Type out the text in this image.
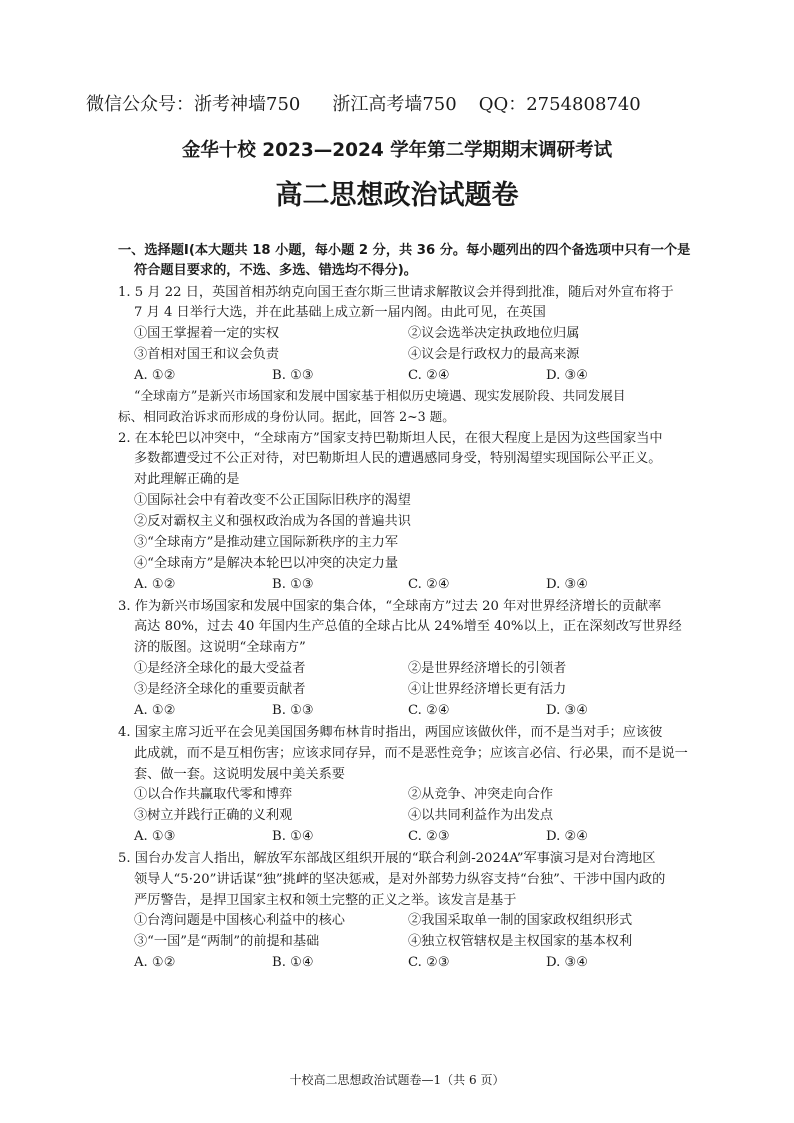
微信公众号：浙考神墙750 浙江高考墙750 QQ：2754808740
金华十校 2023—2024 学年第二学期期末调研考试
高二思想政治试题卷
一、选择题Ⅰ(本大题共 18 小题，每小题 2 分，共 36 分。每小题列出的四个备选项中只有一个是
符合题目要求的，不选、多选、错选均不得分)。
1. 5 月 22 日，英国首相苏纳克向国王查尔斯三世请求解散议会并得到批准，随后对外宣布将于
7 月 4 日举行大选，并在此基础上成立新一届内阁。由此可见，在英国
①国王掌握着一定的实权	②议会选举决定执政地位归属
③首相对国王和议会负责	④议会是行政权力的最高来源
A. ①②	B. ①③	C. ②④	D. ③④
“全球南方”是新兴市场国家和发展中国家基于相似历史境遇、现实发展阶段、共同发展目
标、相同政治诉求而形成的身份认同。据此，回答 2~3 题。
2. 在本轮巴以冲突中，“全球南方”国家支持巴勒斯坦人民，在很大程度上是因为这些国家当中
多数都遭受过不公正对待，对巴勒斯坦人民的遭遇感同身受，特别渴望实现国际公平正义。
对此理解正确的是
①国际社会中有着改变不公正国际旧秩序的渴望
②反对霸权主义和强权政治成为各国的普遍共识
③“全球南方”是推动建立国际新秩序的主力军
④“全球南方”是解决本轮巴以冲突的决定力量
A. ①②	B. ①③	C. ②④	D. ③④
3. 作为新兴市场国家和发展中国家的集合体，“全球南方”过去 20 年对世界经济增长的贡献率
高达 80%，过去 40 年国内生产总值的全球占比从 24%增至 40%以上，正在深刻改写世界经
济的版图。这说明“全球南方”
①是经济全球化的最大受益者	②是世界经济增长的引领者
③是经济全球化的重要贡献者	④让世界经济增长更有活力
A. ①②	B. ①③	C. ②④	D. ③④
4. 国家主席习近平在会见美国国务卿布林肯时指出，两国应该做伙伴，而不是当对手；应该彼
此成就，而不是互相伤害；应该求同存异，而不是恶性竞争；应该言必信、行必果，而不是说一
套、做一套。这说明发展中美关系要
①以合作共赢取代零和博弈	②从竞争、冲突走向合作
③树立并践行正确的义利观	④以共同利益作为出发点
A. ①③	B. ①④	C. ②③	D. ②④
5. 国台办发言人指出，解放军东部战区组织开展的“联合利剑-2024A”军事演习是对台湾地区
领导人“5·20”讲话谋“独”挑衅的坚决惩戒，是对外部势力纵容支持“台独”、干涉中国内政的
严厉警告，是捍卫国家主权和领土完整的正义之举。该发言是基于
①台湾问题是中国核心利益中的核心	②我国采取单一制的国家政权组织形式
③“一国”是“两制”的前提和基础	④独立权管辖权是主权国家的基本权利
A. ①②	B. ①④	C. ②③	D. ③④
十校高二思想政治试题卷—1（共 6 页）
